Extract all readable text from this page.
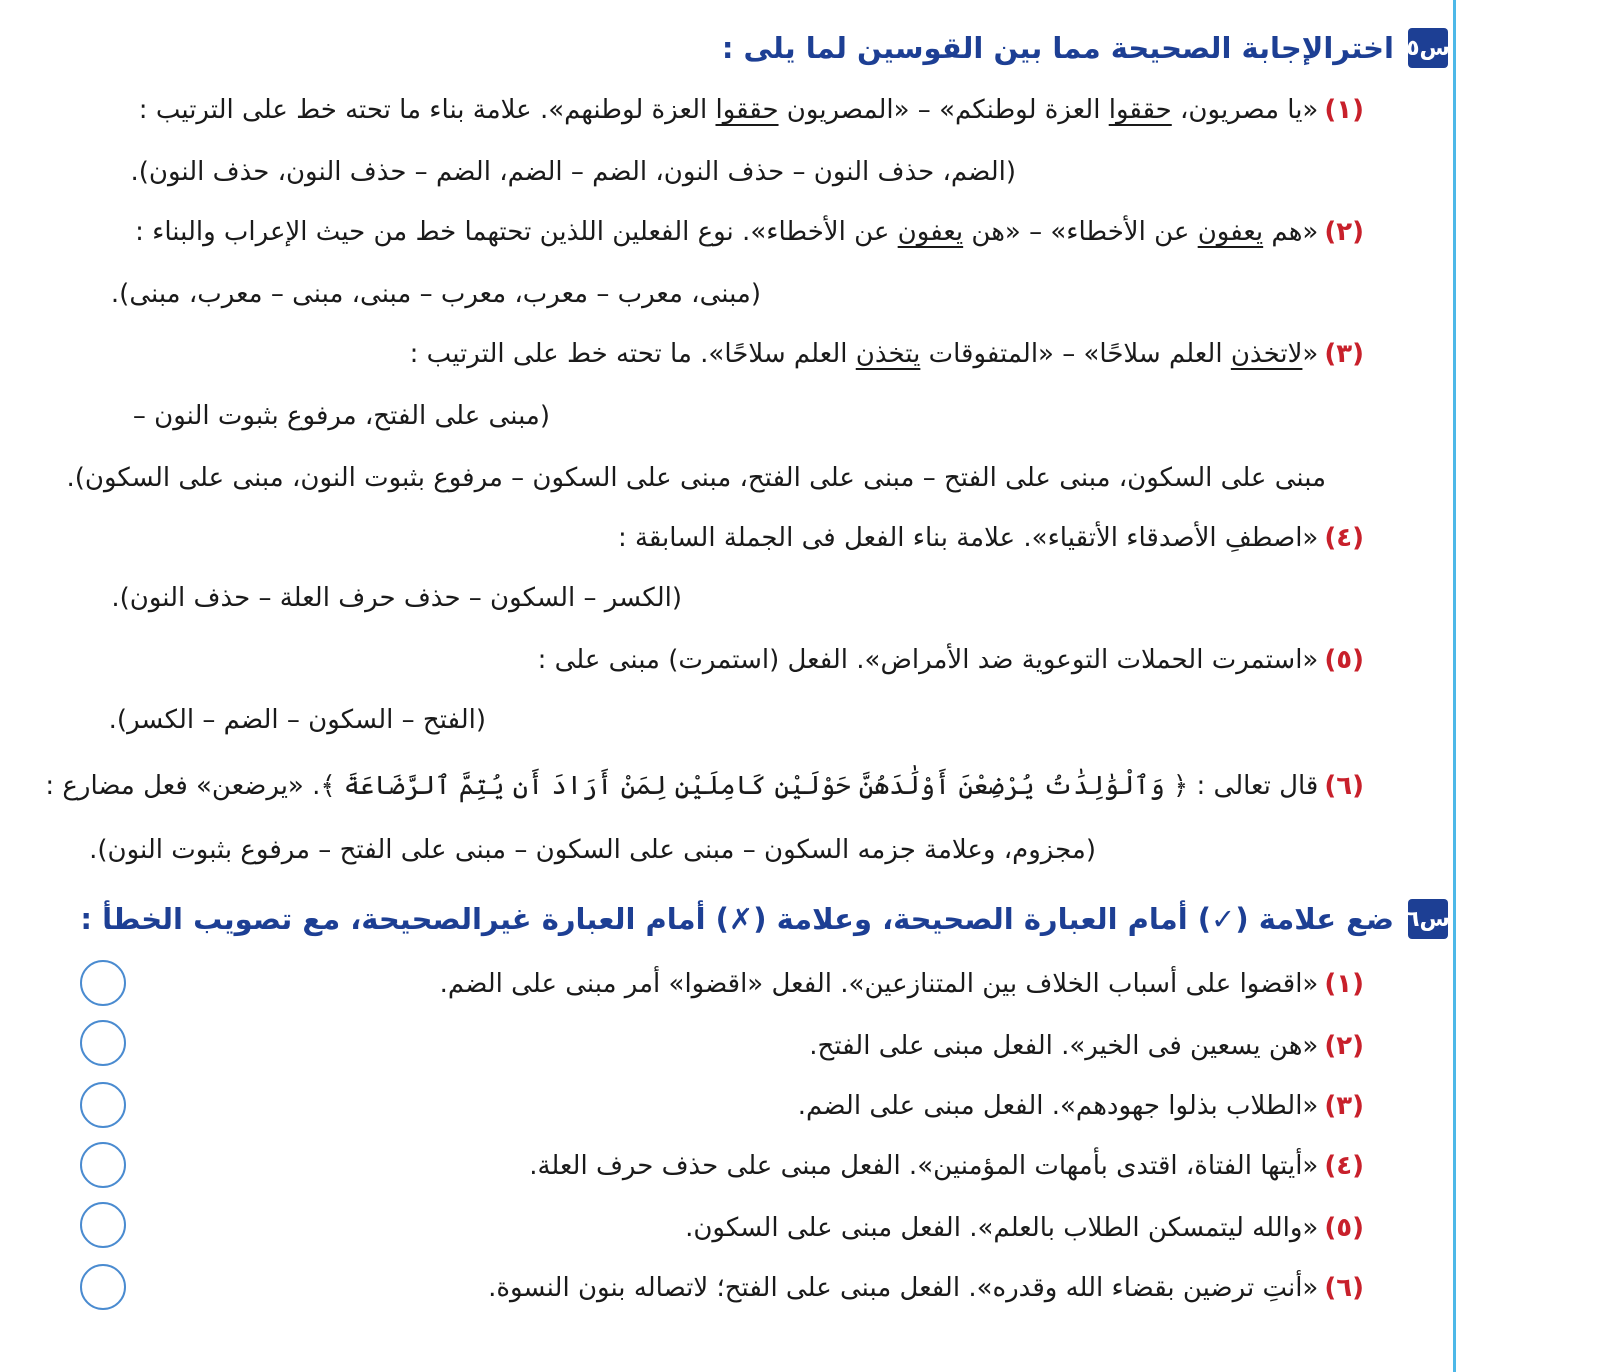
س٥
اخترالإجابة الصحيحة مما بين القوسين لما يلى :
(١)«يا مصريون، حققوا العزة لوطنكم» – «المصريون حققوا العزة لوطنهم». علامة بناء ما تحته خط على الترتيب :
(الضم، حذف النون – حذف النون، الضم – الضم، الضم – حذف النون، حذف النون).
(٢)«هم يعفون عن الأخطاء» – «هن يعفون عن الأخطاء». نوع الفعلين اللذين تحتهما خط من حيث الإعراب والبناء :
(مبنى، معرب – معرب، معرب – مبنى، مبنى – معرب، مبنى).
(٣)«لاتخذن العلم سلاحًا» – «المتفوقات يتخذن العلم سلاحًا». ما تحته خط على الترتيب :
(مبنى على الفتح، مرفوع بثبوت النون –
مبنى على السكون، مبنى على الفتح – مبنى على الفتح، مبنى على السكون – مرفوع بثبوت النون، مبنى على السكون).
(٤)«اصطفِ الأصدقاء الأتقياء». علامة بناء الفعل فى الجملة السابقة :
(الكسر – السكون – حذف حرف العلة – حذف النون).
(٥)«استمرت الحملات التوعوية ضد الأمراض». الفعل (استمرت) مبنى على :
(الفتح – السكون – الضم – الكسر).
(٦)قال تعالى : ﴿ وَٱلْوَٰلِدَٰتُ يُرْضِعْنَ أَوْلَٰدَهُنَّ حَوْلَيْنِ كَامِلَيْنِ لِمَنْ أَرَادَ أَن يُتِمَّ ٱلرَّضَاعَةَ ﴾. «يرضعن» فعل مضارع :
(مجزوم، وعلامة جزمه السكون – مبنى على السكون – مبنى على الفتح – مرفوع بثبوت النون).
س٦
ضع علامة (✓) أمام العبارة الصحيحة، وعلامة (✗) أمام العبارة غيرالصحيحة، مع تصويب الخطأ :
(١)«اقضوا على أسباب الخلاف بين المتنازعين». الفعل «اقضوا» أمر مبنى على الضم.
(٢)«هن يسعين فى الخير». الفعل مبنى على الفتح.
(٣)«الطلاب بذلوا جهودهم». الفعل مبنى على الضم.
(٤)«أيتها الفتاة، اقتدى بأمهات المؤمنين». الفعل مبنى على حذف حرف العلة.
(٥)«والله ليتمسكن الطلاب بالعلم». الفعل مبنى على السكون.
(٦)«أنتِ ترضين بقضاء الله وقدره». الفعل مبنى على الفتح؛ لاتصاله بنون النسوة.
